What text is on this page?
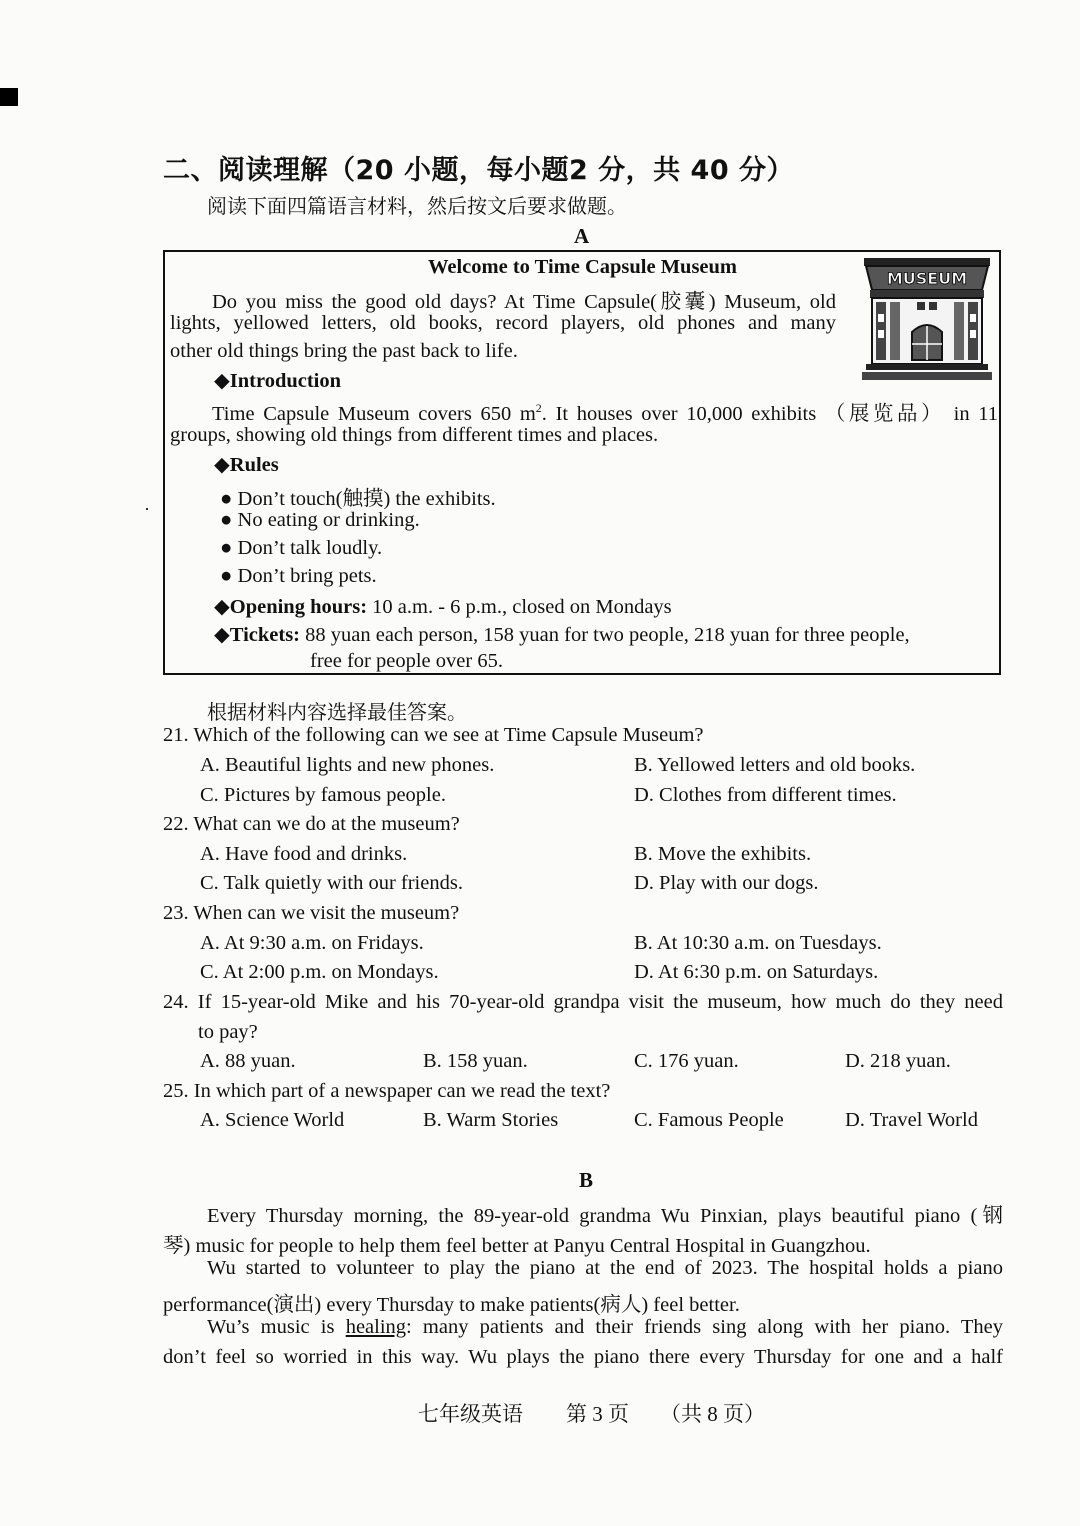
二、阅读理解（20 小题，每小题2 分，共 40 分）
阅读下面四篇语言材料，然后按文后要求做题。
A
MUSEUM
Welcome to Time Capsule Museum
Do you miss the good old days? At Time Capsule(胶囊) Museum, old
lights, yellowed letters, old books, record players, old phones and many
other old things bring the past back to life.
◆Introduction
Time Capsule Museum covers 650 $m^2$. It houses over 10,000 exhibits （展览品） in 11
groups, showing old things from different times and places.
◆Rules
● Don’t touch(触摸) the exhibits.
● No eating or drinking.
● Don’t talk loudly.
● Don’t bring pets.
◆Opening hours: 10 a.m. - 6 p.m., closed on Mondays
◆Tickets: 88 yuan each person, 158 yuan for two people, 218 yuan for three people,
free for people over 65.
根据材料内容选择最佳答案。
21. Which of the following can we see at Time Capsule Museum?
A. Beautiful lights and new phones.	B. Yellowed letters and old books.
C. Pictures by famous people.	D. Clothes from different times.
22. What can we do at the museum?
A. Have food and drinks.	B. Move the exhibits.
C. Talk quietly with our friends.	D. Play with our dogs.
23. When can we visit the museum?
A. At 9:30 a.m. on Fridays.	B. At 10:30 a.m. on Tuesdays.
C. At 2:00 p.m. on Mondays.	D. At 6:30 p.m. on Saturdays.
24. If 15-year-old Mike and his 70-year-old grandpa visit the museum, how much do they need
to pay?
A. 88 yuan.	B. 158 yuan.	C. 176 yuan.	D. 218 yuan.
25. In which part of a newspaper can we read the text?
A. Science World	B. Warm Stories	C. Famous People	D. Travel World
B
Every Thursday morning, the 89-year-old grandma Wu Pinxian, plays beautiful piano (钢
琴) music for people to help them feel better at Panyu Central Hospital in Guangzhou.
Wu started to volunteer to play the piano at the end of 2023. The hospital holds a piano
performance(演出) every Thursday to make patients(病人) feel better.
Wu’s music is healing: many patients and their friends sing along with her piano. They
don’t feel so worried in this way. Wu plays the piano there every Thursday for one and a half
七年级英语 第 3 页 （共 8 页）
